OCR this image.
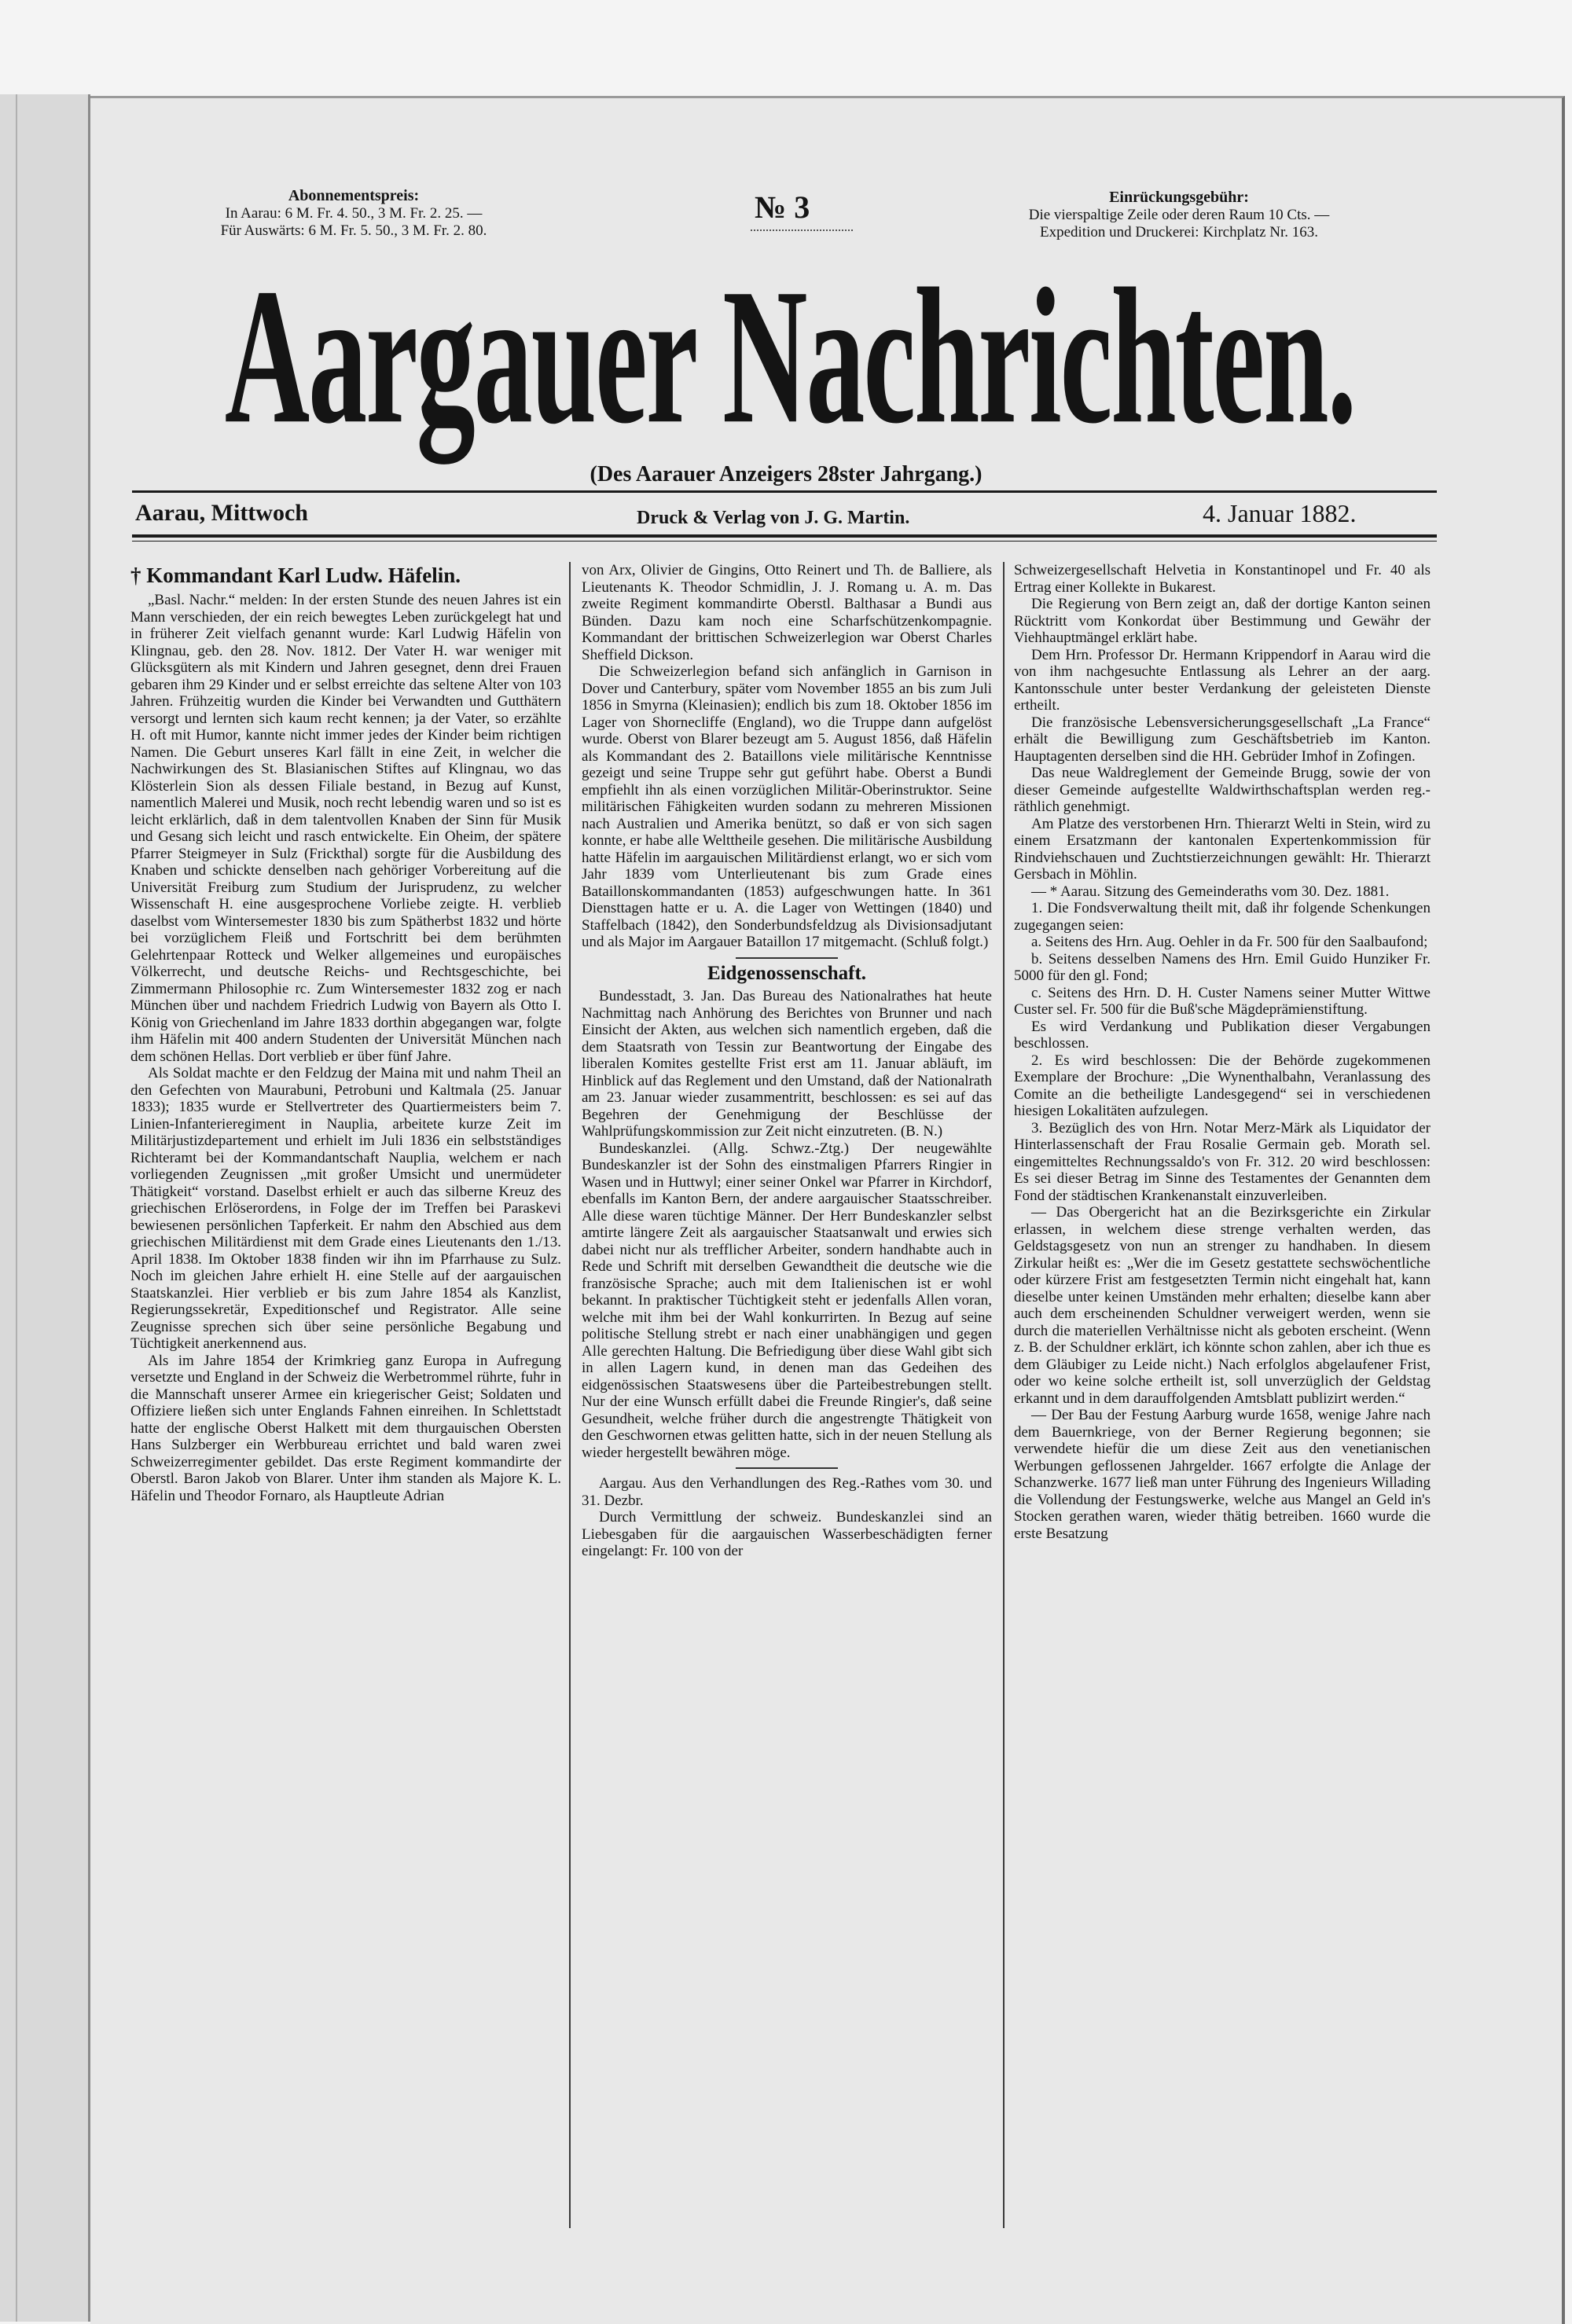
Abonnementspreis:
In Aarau: 6 M. Fr. 4. 50., 3 M. Fr. 2. 25. —
Für Auswärts: 6 M. Fr. 5. 50., 3 M. Fr. 2. 80.
№ 3	Einrückungsgebühr:
Die vierspaltige Zeile oder deren Raum 10 Cts. —
Expedition und Druckerei: Kirchplatz Nr. 163.
Aargauer Nachrichten.
(Des Aarauer Anzeigers 28ster Jahrgang.)
Aarau, Mittwoch	Druck & Verlag von J. G. Martin.	4. Januar 1882.
† Kommandant Karl Ludw. Häfelin.

„Basl. Nachr.“ melden: In der ersten Stunde des neuen Jahres ist ein Mann verschieden, der ein reich bewegtes Leben zurückgelegt hat und in früherer Zeit vielfach genannt wurde: Karl Ludwig Häfelin von Klingnau, geb. den 28. Nov. 1812. Der Vater H. war weniger mit Glücksgütern als mit Kindern und Jahren gesegnet, denn drei Frauen gebaren ihm 29 Kinder und er selbst erreichte das seltene Alter von 103 Jahren. Frühzeitig wurden die Kinder bei Verwandten und Gutthätern versorgt und lernten sich kaum recht kennen; ja der Vater, so erzählte H. oft mit Humor, kannte nicht immer jedes der Kinder beim richtigen Namen. Die Geburt unseres Karl fällt in eine Zeit, in welcher die Nachwirkungen des St. Blasianischen Stiftes auf Klingnau, wo das Klösterlein Sion als dessen Filiale bestand, in Bezug auf Kunst, namentlich Malerei und Musik, noch recht lebendig waren und so ist es leicht erklärlich, daß in dem talentvollen Knaben der Sinn für Musik und Gesang sich leicht und rasch entwickelte. Ein Oheim, der spätere Pfarrer Steigmeyer in Sulz (Frickthal) sorgte für die Ausbildung des Knaben und schickte denselben nach gehöriger Vorbereitung auf die Universität Freiburg zum Studium der Jurisprudenz, zu welcher Wissenschaft H. eine ausgesprochene Vorliebe zeigte. H. verblieb daselbst vom Wintersemester 1830 bis zum Spätherbst 1832 und hörte bei vorzüglichem Fleiß und Fortschritt bei dem berühmten Gelehrtenpaar Rotteck und Welker allgemeines und europäisches Völkerrecht, und deutsche Reichs- und Rechtsgeschichte, bei Zimmermann Philosophie rc. Zum Wintersemester 1832 zog er nach München über und nachdem Friedrich Ludwig von Bayern als Otto I. König von Griechenland im Jahre 1833 dorthin abgegangen war, folgte ihm Häfelin mit 400 andern Studenten der Universität München nach dem schönen Hellas. Dort verblieb er über fünf Jahre.

Als Soldat machte er den Feldzug der Maina mit und nahm Theil an den Gefechten von Maurabuni, Petrobuni und Kaltmala (25. Januar 1833); 1835 wurde er Stellvertreter des Quartiermeisters beim 7. Linien-Infanterieregiment in Nauplia, arbeitete kurze Zeit im Militärjustizdepartement und erhielt im Juli 1836 ein selbstständiges Richteramt bei der Kommandantschaft Nauplia, welchem er nach vorliegenden Zeugnissen „mit großer Umsicht und unermüdeter Thätigkeit“ vorstand. Daselbst erhielt er auch das silberne Kreuz des griechischen Erlöserordens, in Folge der im Treffen bei Paraskevi bewiesenen persönlichen Tapferkeit. Er nahm den Abschied aus dem griechischen Militärdienst mit dem Grade eines Lieutenants den 1./13. April 1838. Im Oktober 1838 finden wir ihn im Pfarrhause zu Sulz. Noch im gleichen Jahre erhielt H. eine Stelle auf der aargauischen Staatskanzlei. Hier verblieb er bis zum Jahre 1854 als Kanzlist, Regierungssekretär, Expeditionschef und Registrator. Alle seine Zeugnisse sprechen sich über seine persönliche Begabung und Tüchtigkeit anerkennend aus.

Als im Jahre 1854 der Krimkrieg ganz Europa in Aufregung versetzte und England in der Schweiz die Werbetrommel rührte, fuhr in die Mannschaft unserer Armee ein kriegerischer Geist; Soldaten und Offiziere ließen sich unter Englands Fahnen einreihen. In Schlettstadt hatte der englische Oberst Halkett mit dem thurgauischen Obersten Hans Sulzberger ein Werbbureau errichtet und bald waren zwei Schweizerregimenter gebildet. Das erste Regiment kommandirte der Oberstl. Baron Jakob von Blarer. Unter ihm standen als Majore K. L. Häfelin und Theodor Fornaro, als Hauptleute Adrian

von Arx, Olivier de Gingins, Otto Reinert und Th. de Balliere, als Lieutenants K. Theodor Schmidlin, J. J. Romang u. A. m. Das zweite Regiment kommandirte Oberstl. Balthasar a Bundi aus Bünden. Dazu kam noch eine Scharfschützenkompagnie. Kommandant der brittischen Schweizerlegion war Oberst Charles Sheffield Dickson.

Die Schweizerlegion befand sich anfänglich in Garnison in Dover und Canterbury, später vom November 1855 an bis zum Juli 1856 in Smyrna (Kleinasien); endlich bis zum 18. Oktober 1856 im Lager von Shornecliffe (England), wo die Truppe dann aufgelöst wurde. Oberst von Blarer bezeugt am 5. August 1856, daß Häfelin als Kommandant des 2. Bataillons viele militärische Kenntnisse gezeigt und seine Truppe sehr gut geführt habe. Oberst a Bundi empfiehlt ihn als einen vorzüglichen Militär-Oberinstruktor. Seine militärischen Fähigkeiten wurden sodann zu mehreren Missionen nach Australien und Amerika benützt, so daß er von sich sagen konnte, er habe alle Welttheile gesehen. Die militärische Ausbildung hatte Häfelin im aargauischen Militärdienst erlangt, wo er sich vom Jahr 1839 vom Unterlieutenant bis zum Grade eines Bataillonskommandanten (1853) aufgeschwungen hatte. In 361 Diensttagen hatte er u. A. die Lager von Wettingen (1840) und Staffelbach (1842), den Sonderbundsfeldzug als Divisionsadjutant und als Major im Aargauer Bataillon 17 mitgemacht. (Schluß folgt.)

Eidgenossenschaft.

Bundesstadt, 3. Jan. Das Bureau des Nationalrathes hat heute Nachmittag nach Anhörung des Berichtes von Brunner und nach Einsicht der Akten, aus welchen sich namentlich ergeben, daß die dem Staatsrath von Tessin zur Beantwortung der Eingabe des liberalen Komites gestellte Frist erst am 11. Januar abläuft, im Hinblick auf das Reglement und den Umstand, daß der Nationalrath am 23. Januar wieder zusammentritt, beschlossen: es sei auf das Begehren der Genehmigung der Beschlüsse der Wahlprüfungskommission zur Zeit nicht einzutreten. (B. N.)

Bundeskanzlei. (Allg. Schwz.-Ztg.) Der neugewählte Bundeskanzler ist der Sohn des einstmaligen Pfarrers Ringier in Wasen und in Huttwyl; einer seiner Onkel war Pfarrer in Kirchdorf, ebenfalls im Kanton Bern, der andere aargauischer Staatsschreiber. Alle diese waren tüchtige Männer. Der Herr Bundeskanzler selbst amtirte längere Zeit als aargauischer Staatsanwalt und erwies sich dabei nicht nur als trefflicher Arbeiter, sondern handhabte auch in Rede und Schrift mit derselben Gewandtheit die deutsche wie die französische Sprache; auch mit dem Italienischen ist er wohl bekannt. In praktischer Tüchtigkeit steht er jedenfalls Allen voran, welche mit ihm bei der Wahl konkurrirten. In Bezug auf seine politische Stellung strebt er nach einer unabhängigen und gegen Alle gerechten Haltung. Die Befriedigung über diese Wahl gibt sich in allen Lagern kund, in denen man das Gedeihen des eidgenössischen Staatswesens über die Parteibestrebungen stellt. Nur der eine Wunsch erfüllt dabei die Freunde Ringier's, daß seine Gesundheit, welche früher durch die angestrengte Thätigkeit von den Geschwornen etwas gelitten hatte, sich in der neuen Stellung als wieder hergestellt bewähren möge.

Aargau. Aus den Verhandlungen des Reg.-Rathes vom 30. und 31. Dezbr.

Durch Vermittlung der schweiz. Bundeskanzlei sind an Liebesgaben für die aargauischen Wasserbeschädigten ferner eingelangt: Fr. 100 von der

Schweizergesellschaft Helvetia in Konstantinopel und Fr. 40 als Ertrag einer Kollekte in Bukarest.

Die Regierung von Bern zeigt an, daß der dortige Kanton seinen Rücktritt vom Konkordat über Bestimmung und Gewähr der Viehhauptmängel erklärt habe.

Dem Hrn. Professor Dr. Hermann Krippendorf in Aarau wird die von ihm nachgesuchte Entlassung als Lehrer an der aarg. Kantonsschule unter bester Verdankung der geleisteten Dienste ertheilt.

Die französische Lebensversicherungsgesellschaft „La France“ erhält die Bewilligung zum Geschäftsbetrieb im Kanton. Hauptagenten derselben sind die HH. Gebrüder Imhof in Zofingen.

Das neue Waldreglement der Gemeinde Brugg, sowie der von dieser Gemeinde aufgestellte Waldwirthschaftsplan werden reg.-räthlich genehmigt.

Am Platze des verstorbenen Hrn. Thierarzt Welti in Stein, wird zu einem Ersatzmann der kantonalen Expertenkommission für Rindviehschauen und Zuchtstierzeichnungen gewählt: Hr. Thierarzt Gersbach in Möhlin.

— * Aarau. Sitzung des Gemeinderaths vom 30. Dez. 1881.

1. Die Fondsverwaltung theilt mit, daß ihr folgende Schenkungen zugegangen seien:

a. Seitens des Hrn. Aug. Oehler in da Fr. 500 für den Saalbaufond;

b. Seitens desselben Namens des Hrn. Emil Guido Hunziker Fr. 5000 für den gl. Fond;

c. Seitens des Hrn. D. H. Custer Namens seiner Mutter Wittwe Custer sel. Fr. 500 für die Buß'sche Mägdeprämienstiftung.

Es wird Verdankung und Publikation dieser Vergabungen beschlossen.

2. Es wird beschlossen: Die der Behörde zugekommenen Exemplare der Brochure: „Die Wynenthalbahn, Veranlassung des Comite an die betheiligte Landesgegend“ sei in verschiedenen hiesigen Lokalitäten aufzulegen.

3. Bezüglich des von Hrn. Notar Merz-Märk als Liquidator der Hinterlassenschaft der Frau Rosalie Germain geb. Morath sel. eingemitteltes Rechnungssaldo's von Fr. 312. 20 wird beschlossen: Es sei dieser Betrag im Sinne des Testamentes der Genannten dem Fond der städtischen Krankenanstalt einzuverleiben.

— Das Obergericht hat an die Bezirksgerichte ein Zirkular erlassen, in welchem diese strenge verhalten werden, das Geldstagsgesetz von nun an strenger zu handhaben. In diesem Zirkular heißt es: „Wer die im Gesetz gestattete sechswöchentliche oder kürzere Frist am festgesetzten Termin nicht eingehalt hat, kann dieselbe unter keinen Umständen mehr erhalten; dieselbe kann aber auch dem erscheinenden Schuldner verweigert werden, wenn sie durch die materiellen Verhältnisse nicht als geboten erscheint. (Wenn z. B. der Schuldner erklärt, ich könnte schon zahlen, aber ich thue es dem Gläubiger zu Leide nicht.) Nach erfolglos abgelaufener Frist, oder wo keine solche ertheilt ist, soll unverzüglich der Geldstag erkannt und in dem darauffolgenden Amtsblatt publizirt werden.“

— Der Bau der Festung Aarburg wurde 1658, wenige Jahre nach dem Bauernkriege, von der Berner Regierung begonnen; sie verwendete hiefür die um diese Zeit aus den venetianischen Werbungen geflossenen Jahrgelder. 1667 erfolgte die Anlage der Schanzwerke. 1677 ließ man unter Führung des Ingenieurs Willading die Vollendung der Festungswerke, welche aus Mangel an Geld in's Stocken gerathen waren, wieder thätig betreiben. 1660 wurde die erste Besatzung
